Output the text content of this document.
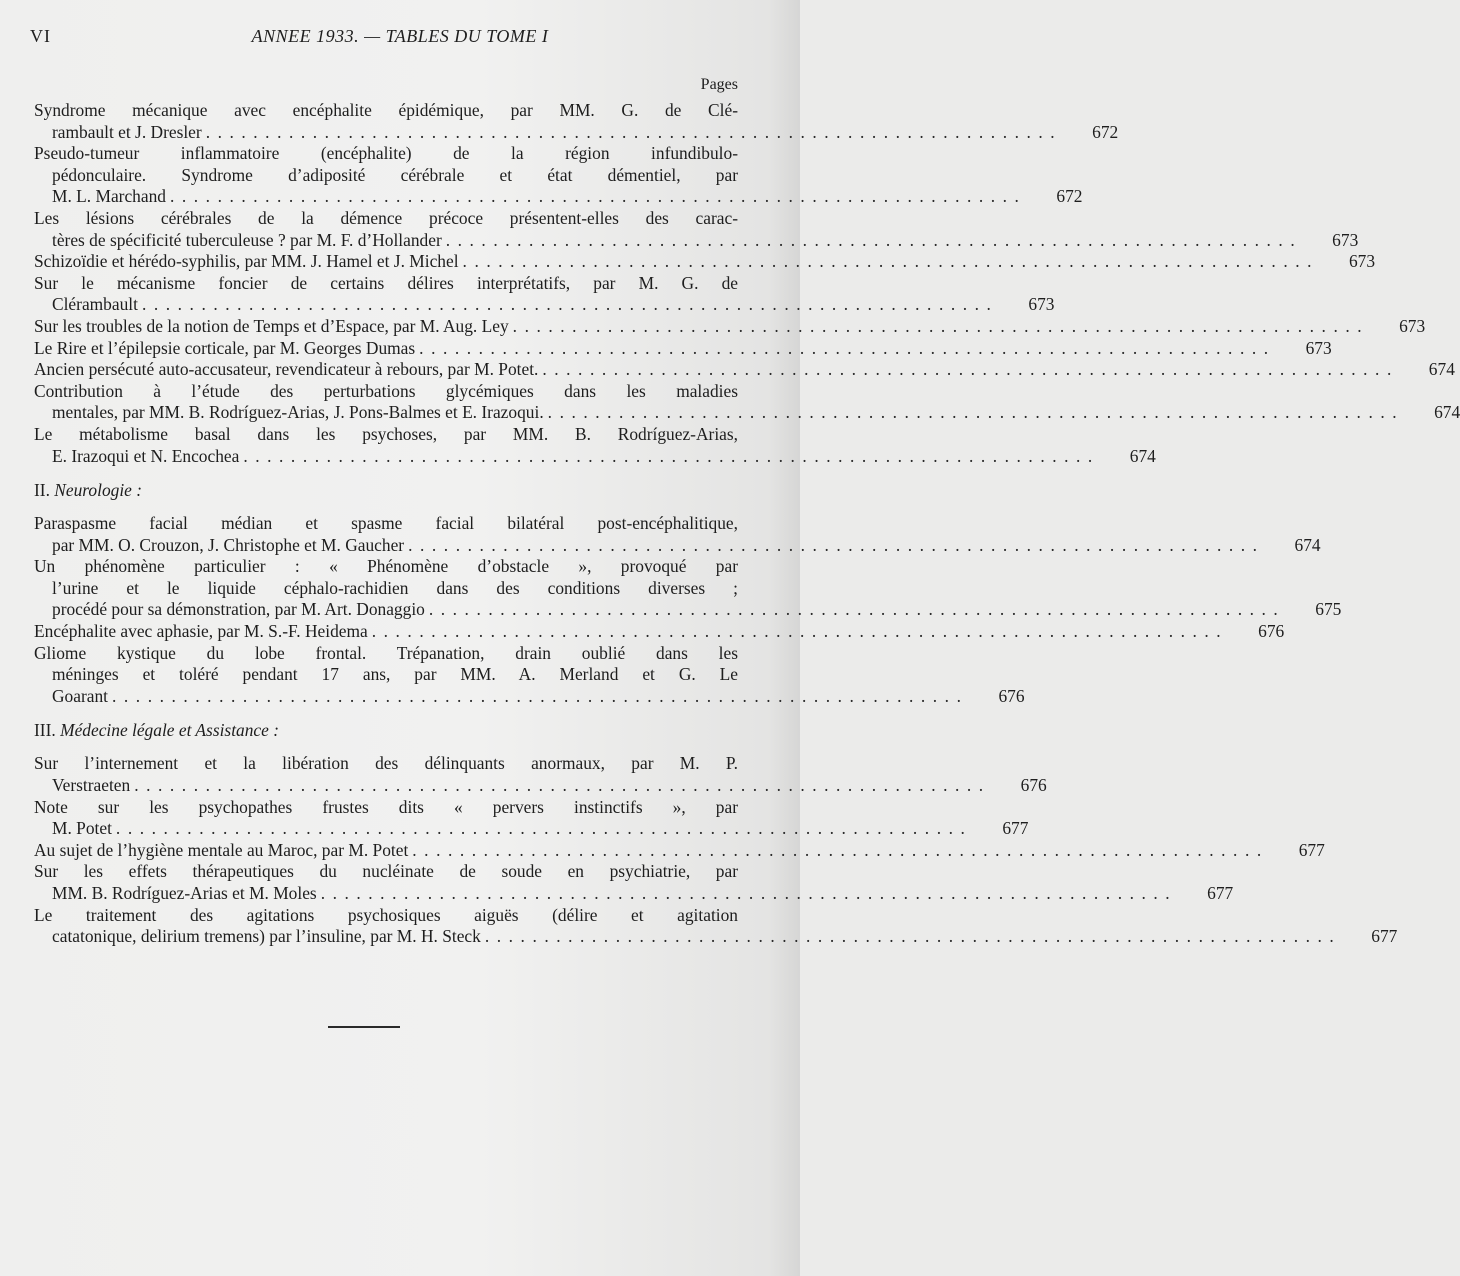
VI	ANNEE 1933. — TABLES DU TOME I
Pages
Syndrome mécanique avec encéphalite épidémique, par MM. G. de Clé-
rambault et J. Dresler . . . . . . . . . . . . . . . . . . . . . . . . . . . . . . . . . . . . . . . . . . . . . . . . . . . . . . . . . . . . . . . . . . . . . . . .	672
Pseudo-tumeur inflammatoire (encéphalite) de la région infundibulo-
pédonculaire. Syndrome d’adiposité cérébrale et état démentiel, par
M. L. Marchand . . . . . . . . . . . . . . . . . . . . . . . . . . . . . . . . . . . . . . . . . . . . . . . . . . . . . . . . . . . . . . . . . . . . . . . .	672
Les lésions cérébrales de la démence précoce présentent-elles des carac-
tères de spécificité tuberculeuse ? par M. F. d’Hollander . . . . . . . . . . . . . . . . . . . . . . . . . . . . . . . . . . . . . . . . . . . . . . . . . . . . . . . . . . . . . . . . . . . . . . . .	673
Schizoïdie et hérédo-syphilis, par MM. J. Hamel et J. Michel . . . . . . . . . . . . . . . . . . . . . . . . . . . . . . . . . . . . . . . . . . . . . . . . . . . . . . . . . . . . . . . . . . . . . . . .	673
Sur le mécanisme foncier de certains délires interprétatifs, par M. G. de
Clérambault . . . . . . . . . . . . . . . . . . . . . . . . . . . . . . . . . . . . . . . . . . . . . . . . . . . . . . . . . . . . . . . . . . . . . . . .	673
Sur les troubles de la notion de Temps et d’Espace, par M. Aug. Ley . . . . . . . . . . . . . . . . . . . . . . . . . . . . . . . . . . . . . . . . . . . . . . . . . . . . . . . . . . . . . . . . . . . . . . . .	673
Le Rire et l’épilepsie corticale, par M. Georges Dumas . . . . . . . . . . . . . . . . . . . . . . . . . . . . . . . . . . . . . . . . . . . . . . . . . . . . . . . . . . . . . . . . . . . . . . . .	673
Ancien persécuté auto-accusateur, revendicateur à rebours, par M. Potet. . . . . . . . . . . . . . . . . . . . . . . . . . . . . . . . . . . . . . . . . . . . . . . . . . . . . . . . . . . . . . . . . . . . . . . . .	674
Contribution à l’étude des perturbations glycémiques dans les maladies
mentales, par MM. B. Rodríguez-Arias, J. Pons-Balmes et E. Irazoqui. . . . . . . . . . . . . . . . . . . . . . . . . . . . . . . . . . . . . . . . . . . . . . . . . . . . . . . . . . . . . . . . . . . . . . . . .	674
Le métabolisme basal dans les psychoses, par MM. B. Rodríguez-Arias,
E. Irazoqui et N. Encochea . . . . . . . . . . . . . . . . . . . . . . . . . . . . . . . . . . . . . . . . . . . . . . . . . . . . . . . . . . . . . . . . . . . . . . . .	674
II. Neurologie :
Paraspasme facial médian et spasme facial bilatéral post-encéphalitique,
par MM. O. Crouzon, J. Christophe et M. Gaucher . . . . . . . . . . . . . . . . . . . . . . . . . . . . . . . . . . . . . . . . . . . . . . . . . . . . . . . . . . . . . . . . . . . . . . . .	674
Un phénomène particulier : « Phénomène d’obstacle », provoqué par
l’urine et le liquide céphalo-rachidien dans des conditions diverses ;
procédé pour sa démonstration, par M. Art. Donaggio . . . . . . . . . . . . . . . . . . . . . . . . . . . . . . . . . . . . . . . . . . . . . . . . . . . . . . . . . . . . . . . . . . . . . . . .	675
Encéphalite avec aphasie, par M. S.-F. Heidema . . . . . . . . . . . . . . . . . . . . . . . . . . . . . . . . . . . . . . . . . . . . . . . . . . . . . . . . . . . . . . . . . . . . . . . .	676
Gliome kystique du lobe frontal. Trépanation, drain oublié dans les
méninges et toléré pendant 17 ans, par MM. A. Merland et G. Le
Goarant . . . . . . . . . . . . . . . . . . . . . . . . . . . . . . . . . . . . . . . . . . . . . . . . . . . . . . . . . . . . . . . . . . . . . . . .	676
III. Médecine légale et Assistance :
Sur l’internement et la libération des délinquants anormaux, par M. P.
Verstraeten . . . . . . . . . . . . . . . . . . . . . . . . . . . . . . . . . . . . . . . . . . . . . . . . . . . . . . . . . . . . . . . . . . . . . . . .	676
Note sur les psychopathes frustes dits « pervers instinctifs », par
M. Potet . . . . . . . . . . . . . . . . . . . . . . . . . . . . . . . . . . . . . . . . . . . . . . . . . . . . . . . . . . . . . . . . . . . . . . . .	677
Au sujet de l’hygiène mentale au Maroc, par M. Potet . . . . . . . . . . . . . . . . . . . . . . . . . . . . . . . . . . . . . . . . . . . . . . . . . . . . . . . . . . . . . . . . . . . . . . . .	677
Sur les effets thérapeutiques du nucléinate de soude en psychiatrie, par
MM. B. Rodríguez-Arias et M. Moles . . . . . . . . . . . . . . . . . . . . . . . . . . . . . . . . . . . . . . . . . . . . . . . . . . . . . . . . . . . . . . . . . . . . . . . .	677
Le traitement des agitations psychosiques aiguës (délire et agitation
catatonique, delirium tremens) par l’insuline, par M. H. Steck . . . . . . . . . . . . . . . . . . . . . . . . . . . . . . . . . . . . . . . . . . . . . . . . . . . . . . . . . . . . . . . . . . . . . . . .	677
